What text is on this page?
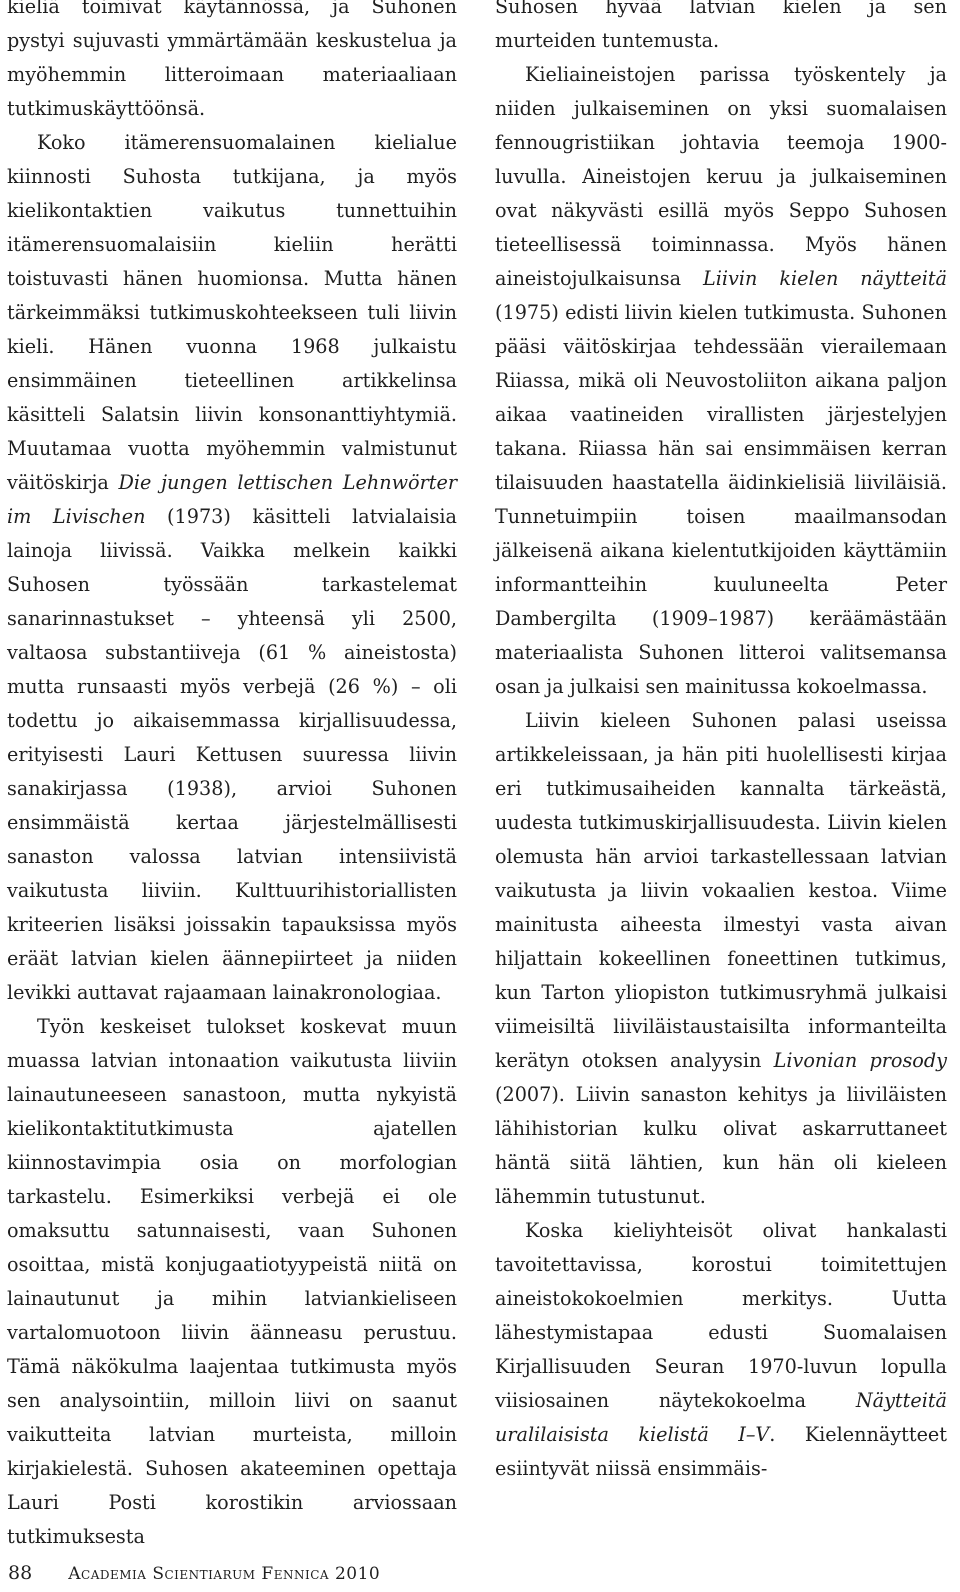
kieliä toimivat käytännössä, ja Suhonen pystyi sujuvasti ymmärtämään keskustelua ja myöhemmin litteroimaan materiaaliaan tutkimuskäyttöönsä.

Koko itämerensuomalainen kielialue kiinnosti Suhosta tutkijana, ja myös kielikontaktien vaikutus tunnettuihin itämerensuomalaisiin kieliin herätti toistuvasti hänen huomionsa. Mutta hänen tärkeimmäksi tutkimuskohteekseen tuli liivin kieli. Hänen vuonna 1968 julkaistu ensimmäinen tieteellinen artikkelinsa käsitteli Salatsin liivin konsonanttiyhtymiä. Muutamaa vuotta myöhemmin valmistunut väitöskirja Die jungen lettischen Lehnwörter im Livischen (1973) käsitteli latvialaisia lainoja liivissä. Vaikka melkein kaikki Suhosen työssään tarkastelemat sanarinnastukset – yhteensä yli 2500, valtaosa substantiiveja (61 % aineistosta) mutta runsaasti myös verbejä (26 %) – oli todettu jo aikaisemmassa kirjallisuudessa, erityisesti Lauri Kettusen suuressa liivin sanakirjassa (1938), arvioi Suhonen ensimmäistä kertaa järjestelmällisesti sanaston valossa latvian intensiivistä vaikutusta liiviin. Kulttuurihistoriallisten kriteerien lisäksi joissakin tapauksissa myös eräät latvian kielen äännepiirteet ja niiden levikki auttavat rajaamaan lainakronologiaa.

Työn keskeiset tulokset koskevat muun muassa latvian intonaation vaikutusta liiviin lainautuneeseen sanastoon, mutta nykyistä kielikontaktitutkimusta ajatellen kiinnostavimpia osia on morfologian tarkastelu. Esimerkiksi verbejä ei ole omaksuttu satunnaisesti, vaan Suhonen osoittaa, mistä konjugaatiotyypeistä niitä on lainautunut ja mihin latviankieliseen vartalomuotoon liivin äänneasu perustuu. Tämä näkökulma laajentaa tutkimusta myös sen analysointiin, milloin liivi on saanut vaikutteita latvian murteista, milloin kirjakielestä. Suhosen akateeminen opettaja Lauri Posti korostikin arviossaan tutkimuksesta

Suhosen hyvää latvian kielen ja sen murteiden tuntemusta.

Kieliaineistojen parissa työskentely ja niiden julkaiseminen on yksi suomalaisen fennougristiikan johtavia teemoja 1900-luvulla. Aineistojen keruu ja julkaiseminen ovat näkyvästi esillä myös Seppo Suhosen tieteellisessä toiminnassa. Myös hänen aineistojulkaisunsa Liivin kielen näytteitä (1975) edisti liivin kielen tutkimusta. Suhonen pääsi väitöskirjaa tehdessään vierailemaan Riiassa, mikä oli Neuvostoliiton aikana paljon aikaa vaatineiden virallisten järjestelyjen takana. Riiassa hän sai ensimmäisen kerran tilaisuuden haastatella äidinkielisiä liiviläisiä. Tunnetuimpiin toisen maailmansodan jälkeisenä aikana kielentutkijoiden käyttämiin informantteihin kuuluneelta Peter Dambergilta (1909–1987) keräämästään materiaalista Suhonen litteroi valitsemansa osan ja julkaisi sen mainitussa kokoelmassa.

Liivin kieleen Suhonen palasi useissa artikkeleissaan, ja hän piti huolellisesti kirjaa eri tutkimusaiheiden kannalta tärkeästä, uudesta tutkimuskirjallisuudesta. Liivin kielen olemusta hän arvioi tarkastellessaan latvian vaikutusta ja liivin vokaalien kestoa. Viime mainitusta aiheesta ilmestyi vasta aivan hiljattain kokeellinen foneettinen tutkimus, kun Tarton yliopiston tutkimusryhmä julkaisi viimeisiltä liiviläistaustaisilta informanteilta kerätyn otoksen analyysin Livonian prosody (2007). Liivin sanaston kehitys ja liiviläisten lähihistorian kulku olivat askarruttaneet häntä siitä lähtien, kun hän oli kieleen lähemmin tutustunut.

Koska kieliyhteisöt olivat hankalasti tavoitettavissa, korostui toimitettujen aineistokokoelmien merkitys. Uutta lähestymistapaa edusti Suomalaisen Kirjallisuuden Seuran 1970-luvun lopulla viisiosainen näytekokoelma Näytteitä uralilaisista kielistä I–V. Kielennäytteet esiintyvät niissä ensimmäis-

88 Academia Scientiarum Fennica 2010
